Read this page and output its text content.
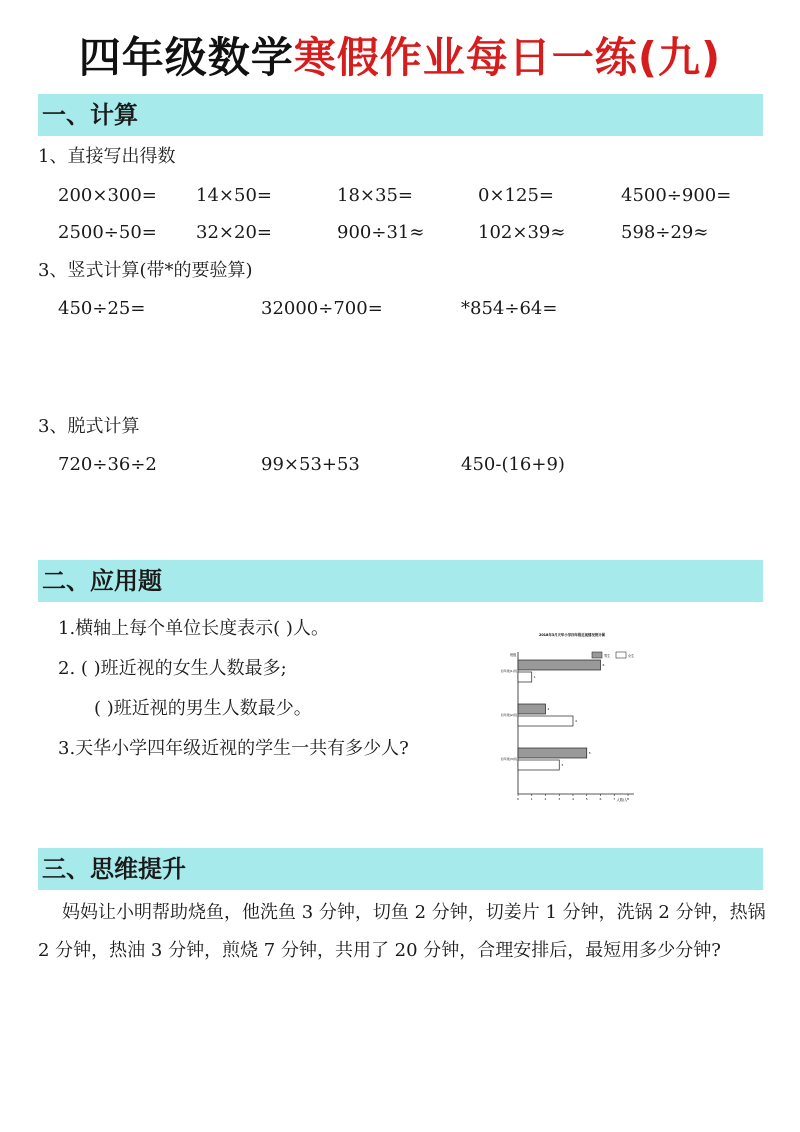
四年级数学寒假作业每日一练(九)
一、计算
1、直接写出得数
200×300= 14×50=	18×35=	0×125=	4500÷900=
2500÷50= 32×20=	900÷31≈	102×39≈	598÷29≈
3、竖式计算(带*的要验算)
450÷25=	32000÷700=	*854÷64=
3、脱式计算
720÷36÷2	99×53+53	450-(16+9)
二、应用题
1.横轴上每个单位长度表示( )人。
2. ( )班近视的女生人数最多;
( )班近视的男生人数最少。
3.天华小学四年级近视的学生一共有多少人?
2018年3月天华小学四年级近视情况统计图
班级
人数/人
男生	女生
0	1	2	3	4	5	6	7	8
四年级(1)班
6
1
四年级(2)班
2
4
四年级(3)班
5
3
三、思维提升
妈妈让小明帮助烧鱼，他洗鱼 3 分钟，切鱼 2 分钟，切姜片 1 分钟，洗锅 2 分钟，热锅 2 分钟，热油 3 分钟，煎烧 7 分钟，共用了 20 分钟，合理安排后，最短用多少分钟?
